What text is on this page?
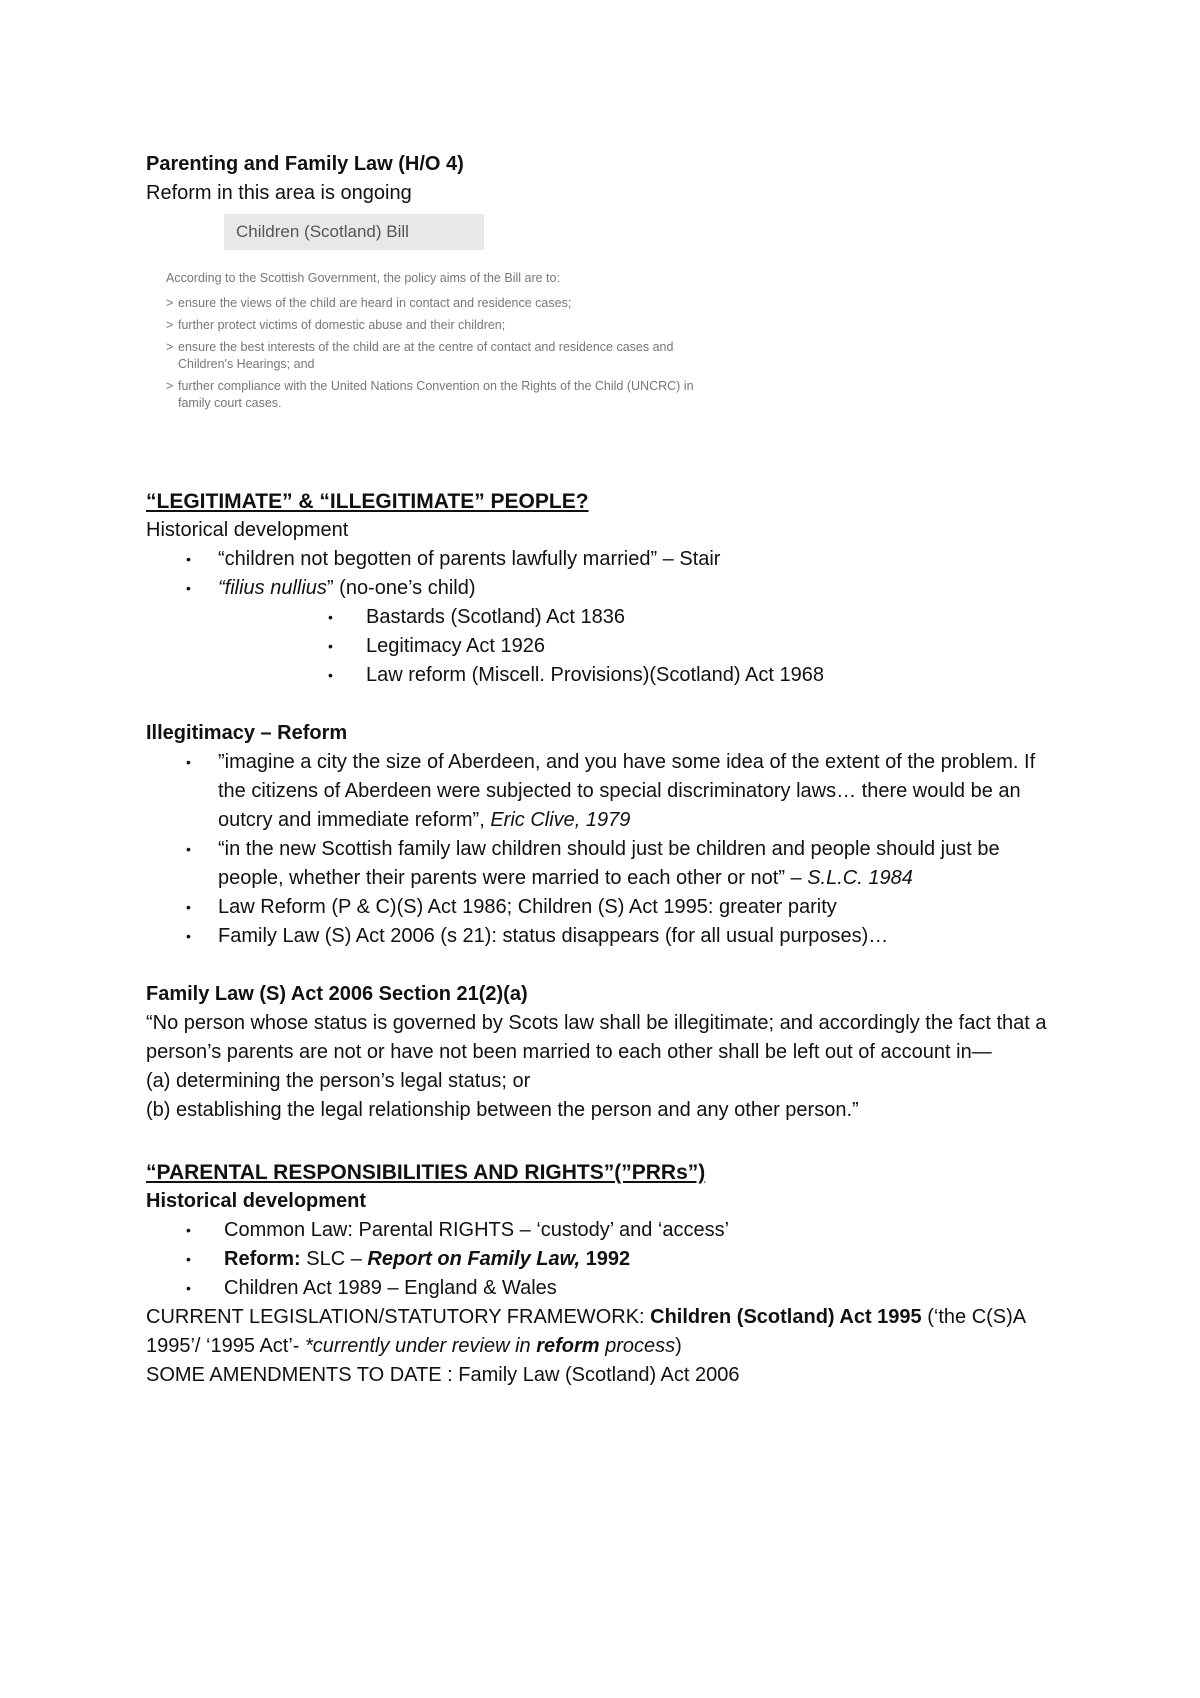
Parenting and Family Law (H/O 4)
Reform in this area is ongoing
Children (Scotland) Bill
According to the Scottish Government, the policy aims of the Bill are to:
> ensure the views of the child are heard in contact and residence cases;
> further protect victims of domestic abuse and their children;
> ensure the best interests of the child are at the centre of contact and residence cases and Children's Hearings; and
> further compliance with the United Nations Convention on the Rights of the Child (UNCRC) in family court cases.
“LEGITIMATE” & “ILLEGITIMATE” PEOPLE?
Historical development
• “children not begotten of parents lawfully married” – Stair
• “filius nullius” (no-one’s child)
• Bastards (Scotland) Act 1836
• Legitimacy Act 1926
• Law reform (Miscell. Provisions)(Scotland) Act 1968
Illegitimacy – Reform
• ”imagine a city the size of Aberdeen, and you have some idea of the extent of the problem. If the citizens of Aberdeen were subjected to special discriminatory laws… there would be an outcry and immediate reform”, Eric Clive, 1979
• “in the new Scottish family law children should just be children and people should just be people, whether their parents were married to each other or not” – S.L.C. 1984
• Law Reform (P & C)(S) Act 1986; Children (S) Act 1995: greater parity
• Family Law (S) Act 2006 (s 21): status disappears (for all usual purposes)…
Family Law (S) Act 2006 Section 21(2)(a)
“No person whose status is governed by Scots law shall be illegitimate; and accordingly the fact that a person’s parents are not or have not been married to each other shall be left out of account in—
(a) determining the person’s legal status; or
(b) establishing the legal relationship between the person and any other person.”
“PARENTAL RESPONSIBILITIES AND RIGHTS”(”PRRs”)
Historical development
• Common Law: Parental RIGHTS – ‘custody’ and ‘access’
• Reform: SLC – Report on Family Law, 1992
• Children Act 1989 – England & Wales
CURRENT LEGISLATION/STATUTORY FRAMEWORK: Children (Scotland) Act 1995 (‘the C(S)A 1995’/ ‘1995 Act’- *currently under review in reform process)
SOME AMENDMENTS TO DATE : Family Law (Scotland) Act 2006
